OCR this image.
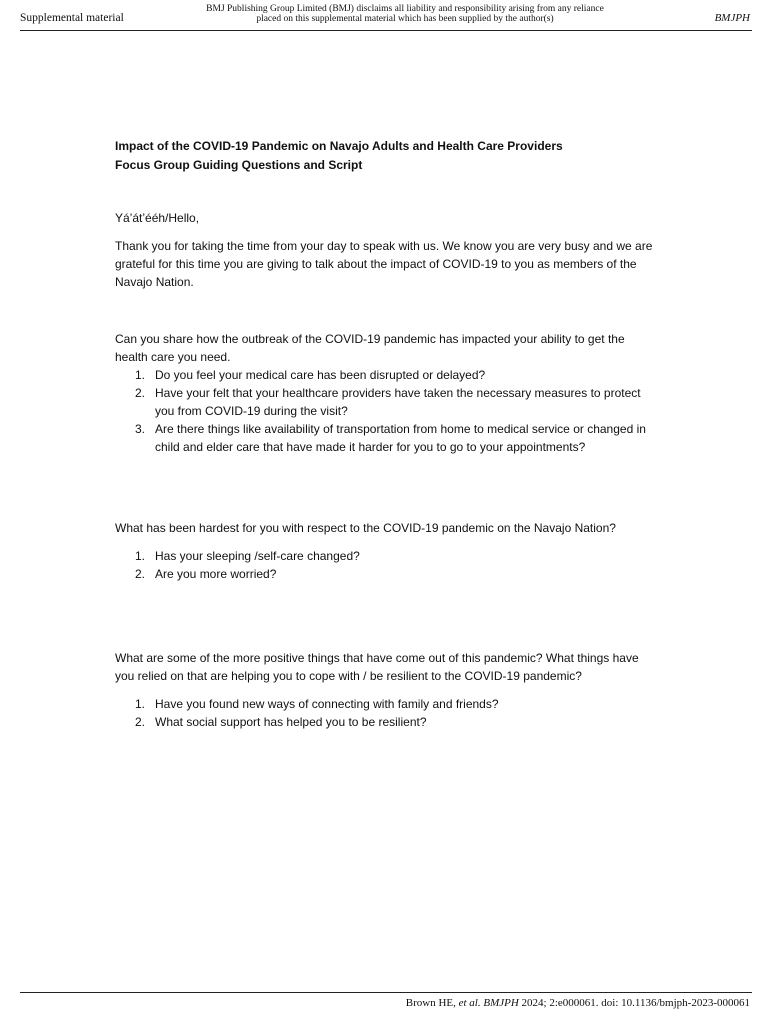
Supplemental material
BMJ Publishing Group Limited (BMJ) disclaims all liability and responsibility arising from any reliance
placed on this supplemental material which has been supplied by the author(s)	BMJPH
Impact of the COVID-19 Pandemic on Navajo Adults and Health Care Providers
Focus Group Guiding Questions and Script

Yá’át’ééh/Hello,

Thank you for taking the time from your day to speak with us. We know you are very busy and we are grateful for this time you are giving to talk about the impact of COVID-19 to you as members of the Navajo Nation.

Can you share how the outbreak of the COVID-19 pandemic has impacted your ability to get the health care you need.

1. Do you feel your medical care has been disrupted or delayed?
2. Have your felt that your healthcare providers have taken the necessary measures to protect you from COVID-19 during the visit?
3. Are there things like availability of transportation from home to medical service or changed in child and elder care that have made it harder for you to go to your appointments?

What has been hardest for you with respect to the COVID-19 pandemic on the Navajo Nation?

1. Has your sleeping /self-care changed?
2. Are you more worried?

What are some of the more positive things that have come out of this pandemic? What things have you relied on that are helping you to cope with / be resilient to the COVID-19 pandemic?

1. Have you found new ways of connecting with family and friends?
2. What social support has helped you to be resilient?
Brown HE, et al. BMJPH 2024; 2:e000061. doi: 10.1136/bmjph-2023-000061
